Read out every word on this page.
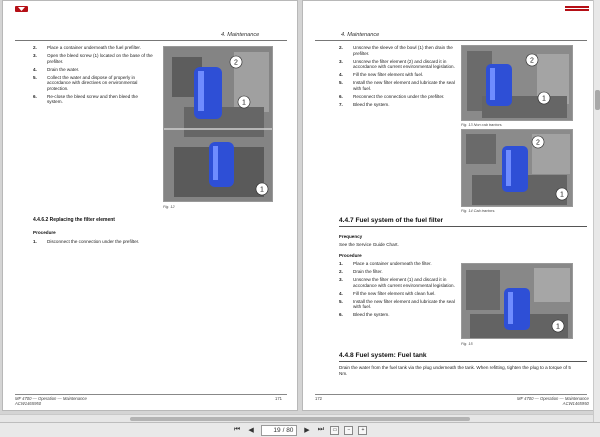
4. Maintenance
2.	Place a container underneath the fuel prefilter.
3.	Open the bleed screw (1) located on the base of the prefilter.
4.	Drain the water.
5.	Collect the water and dispose of properly in accordance with directives on environmental protection.
6.	Re-close the bleed screw and then bleed the system.
2
1
1
Fig. 12
4.4.6.2 Replacing the filter element
Procedure
1.	Disconnect the connection under the prefilter.
MF 4700 — Operation — Maintenance
ACW1465950
171
4. Maintenance
2.	Unscrew the sleeve of the bowl (1) then drain the prefilter.
3.	Unscrew the filter element (2) and discard it in accordance with current environmental legislation.
4.	Fill the new filter element with fuel.
5.	Install the new filter element and lubricate the seal with fuel.
6.	Reconnect the connection under the prefilter.
7.	Bleed the system.
2
1
Fig. 13 Non cab tractors.
2
1
Fig. 14 Cab tractors.
4.4.7 Fuel system of the fuel filter
Frequency
See the Service Guide Chart.
Procedure
1.	Place a container underneath the filter.
2.	Drain the filter.
3.	Unscrew the filter element (1) and discard it in accordance with current environmental legislation.
4.	Fill the new filter element with clean fuel.
5.	Install the new filter element and lubricate the seal with fuel.
6.	Bleed the system.
1
Fig. 15
4.4.8 Fuel system: Fuel tank
Drain the water from the fuel tank via the plug underneath the tank. When refitting, tighten the plug to a torque of 5 Nm.
172	MF 4700 — Operation — Maintenance
ACW1465950
⏮ ◀	19 / 80 ▶ ⏭	▭	−	+
